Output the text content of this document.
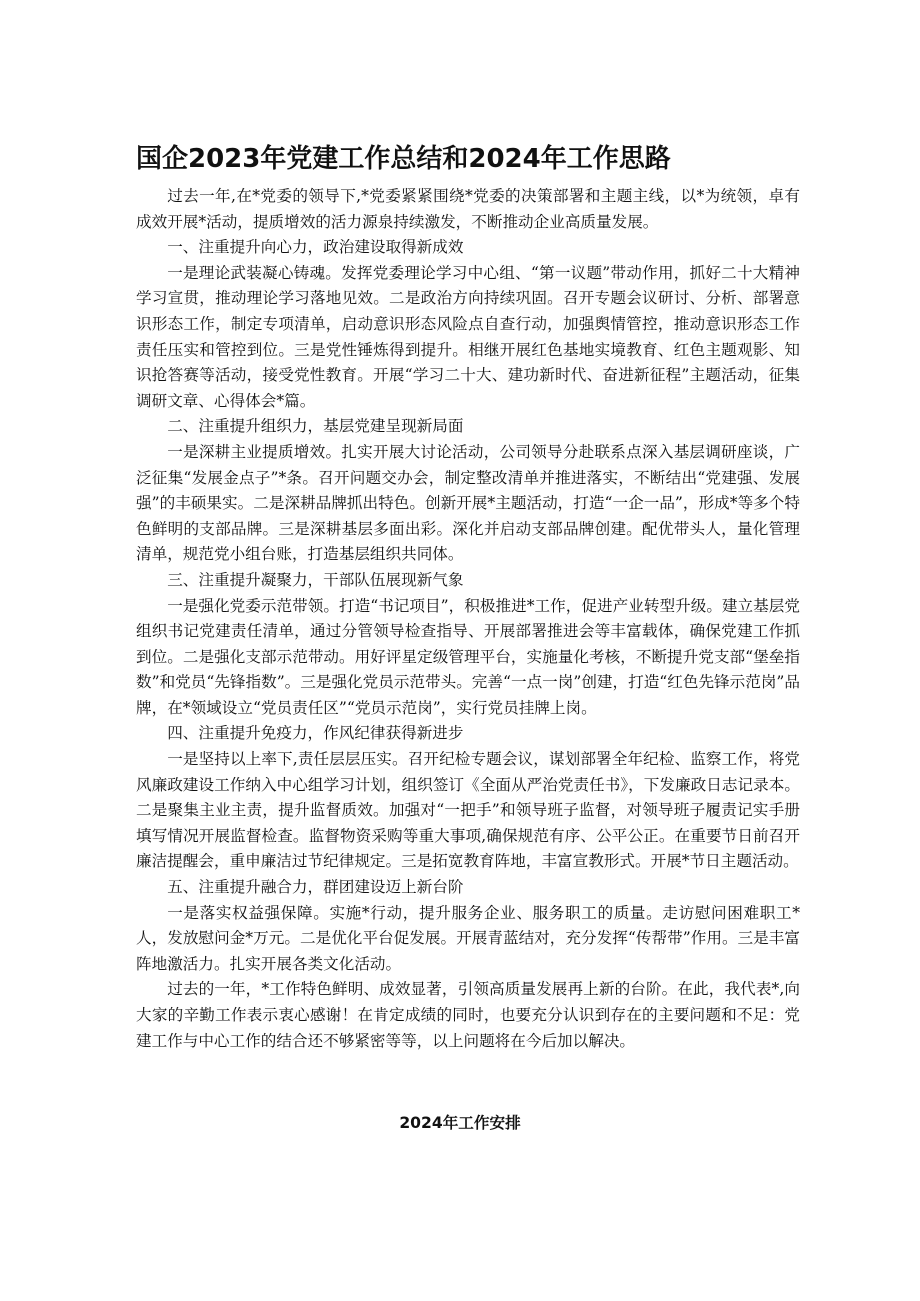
国企2023年党建工作总结和2024年工作思路

过去一年,在*党委的领导下,*党委紧紧围绕*党委的决策部署和主题主线，以*为统领，卓有成效开展*活动，提质增效的活力源泉持续激发，不断推动企业高质量发展。

一、注重提升向心力，政治建设取得新成效

一是理论武装凝心铸魂。发挥党委理论学习中心组、“第一议题”带动作用，抓好二十大精神学习宣贯，推动理论学习落地见效。二是政治方向持续巩固。召开专题会议研讨、分析、部署意识形态工作，制定专项清单，启动意识形态风险点自查行动，加强舆情管控，推动意识形态工作责任压实和管控到位。三是党性锤炼得到提升。相继开展红色基地实境教育、红色主题观影、知识抢答赛等活动，接受党性教育。开展“学习二十大、建功新时代、奋进新征程”主题活动，征集调研文章、心得体会*篇。

二、注重提升组织力，基层党建呈现新局面

一是深耕主业提质增效。扎实开展大讨论活动，公司领导分赴联系点深入基层调研座谈，广泛征集“发展金点子”*条。召开问题交办会，制定整改清单并推进落实，不断结出“党建强、发展强”的丰硕果实。二是深耕品牌抓出特色。创新开展*主题活动，打造“一企一品”，形成*等多个特色鲜明的支部品牌。三是深耕基层多面出彩。深化并启动支部品牌创建。配优带头人，量化管理清单，规范党小组台账，打造基层组织共同体。

三、注重提升凝聚力，干部队伍展现新气象

一是强化党委示范带领。打造“书记项目”，积极推进*工作，促进产业转型升级。建立基层党组织书记党建责任清单，通过分管领导检查指导、开展部署推进会等丰富载体，确保党建工作抓到位。二是强化支部示范带动。用好评星定级管理平台，实施量化考核，不断提升党支部“堡垒指数”和党员“先锋指数”。三是强化党员示范带头。完善“一点一岗”创建，打造“红色先锋示范岗”品牌，在*领域设立“党员责任区”“党员示范岗”，实行党员挂牌上岗。

四、注重提升免疫力，作风纪律获得新进步

一是坚持以上率下,责任层层压实。召开纪检专题会议，谋划部署全年纪检、监察工作，将党风廉政建设工作纳入中心组学习计划，组织签订《全面从严治党责任书》，下发廉政日志记录本。二是聚集主业主责，提升监督质效。加强对“一把手”和领导班子监督，对领导班子履责记实手册填写情况开展监督检查。监督物资采购等重大事项,确保规范有序、公平公正。在重要节日前召开廉洁提醒会，重申廉洁过节纪律规定。三是拓宽教育阵地，丰富宣教形式。开展*节日主题活动。

五、注重提升融合力，群团建设迈上新台阶

一是落实权益强保障。实施*行动，提升服务企业、服务职工的质量。走访慰问困难职工*人，发放慰问金*万元。二是优化平台促发展。开展青蓝结对，充分发挥“传帮带”作用。三是丰富阵地激活力。扎实开展各类文化活动。

过去的一年，*工作特色鲜明、成效显著，引领高质量发展再上新的台阶。在此，我代表*,向大家的辛勤工作表示衷心感谢！在肯定成绩的同时，也要充分认识到存在的主要问题和不足：党建工作与中心工作的结合还不够紧密等等，以上问题将在今后加以解决。

2024年工作安排
